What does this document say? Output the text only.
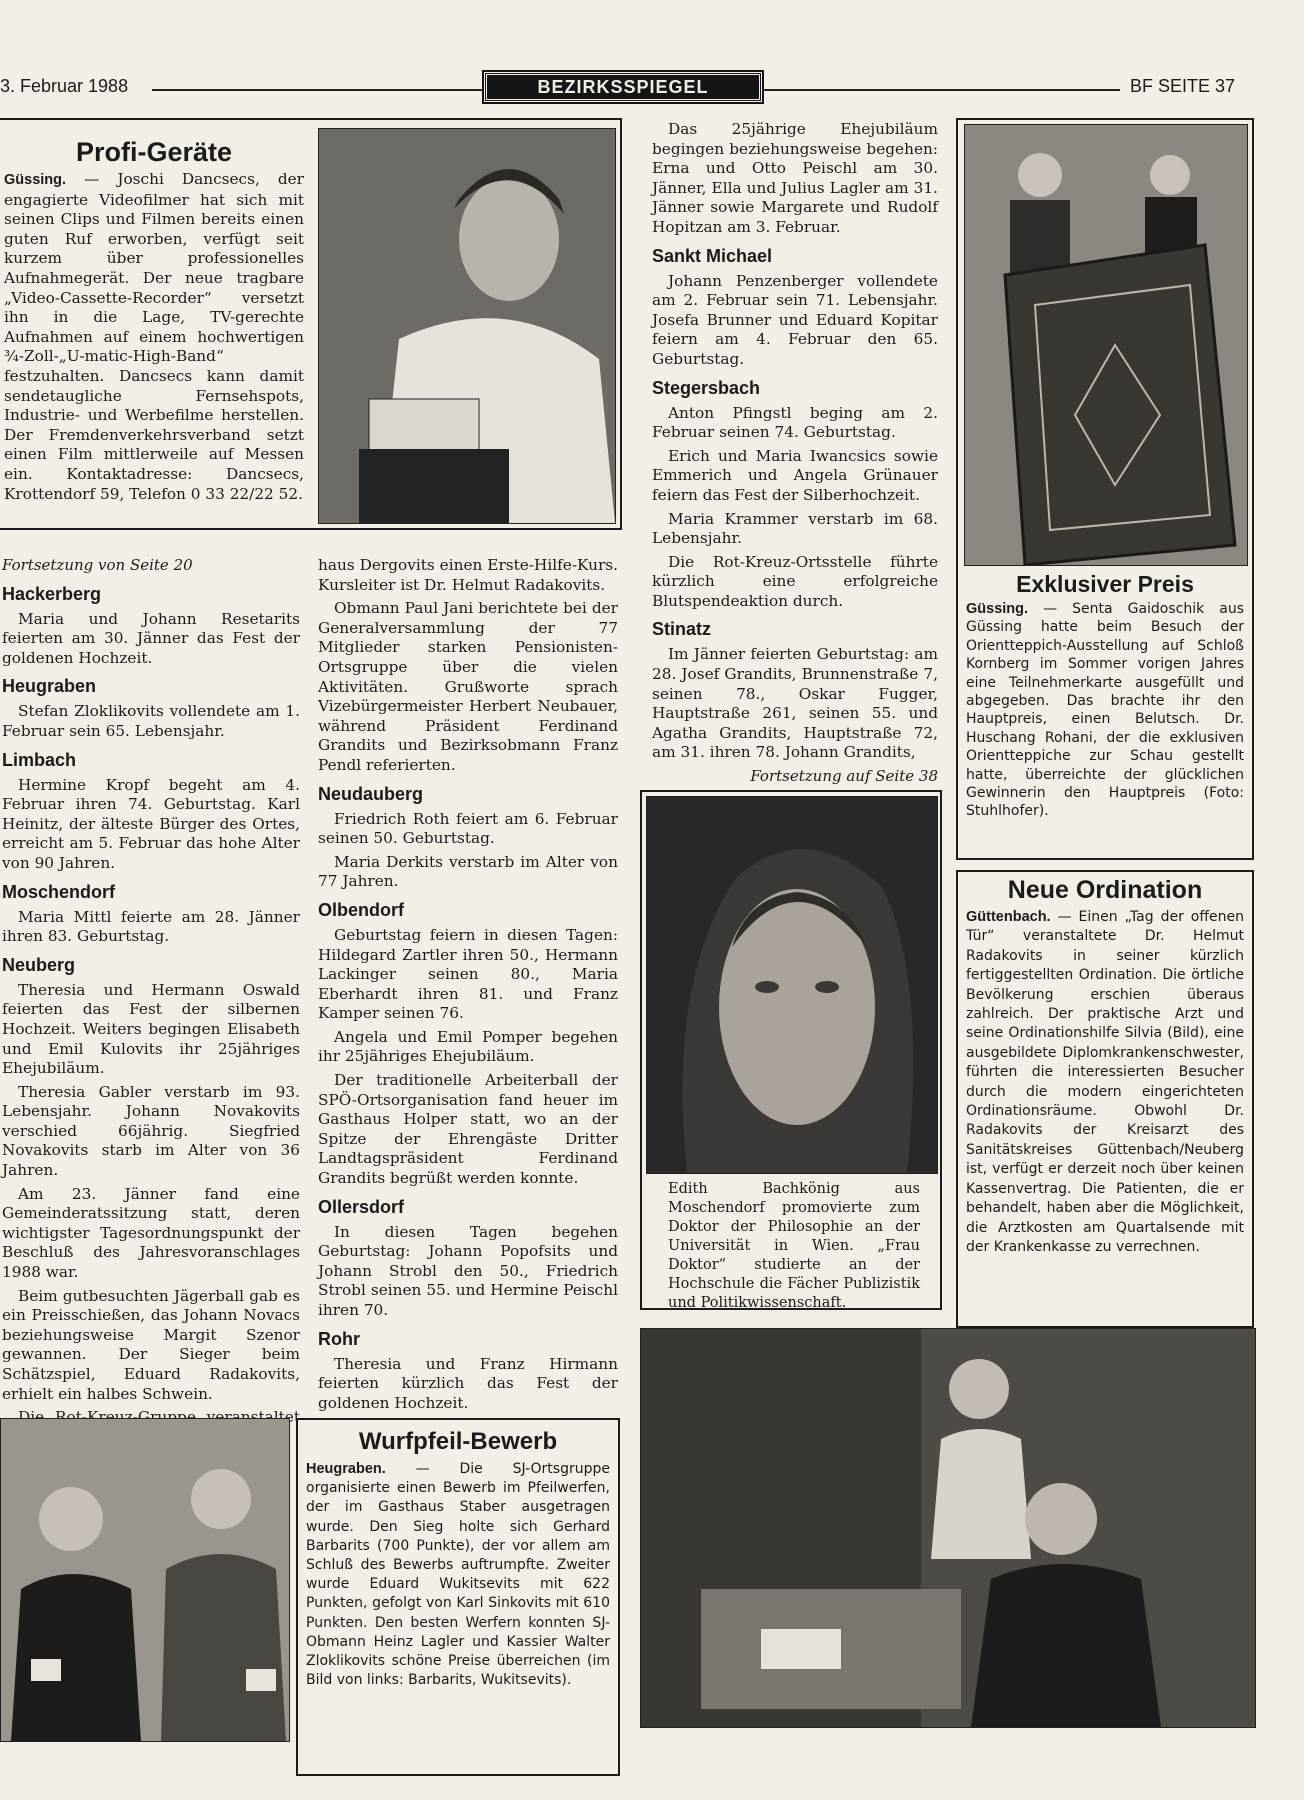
3. Februar 1988	BEZIRKSSPIEGEL	BF SEITE 37
Profi-Geräte
Güssing. — Joschi Dancsecs, der engagierte Videofilmer hat sich mit seinen Clips und Filmen bereits einen guten Ruf erworben, verfügt seit kurzem über professionelles Aufnahmegerät. Der neue tragbare „Video-Cassette-Recorder“ versetzt ihn in die Lage, TV-gerechte Aufnahmen auf einem hochwertigen ¾-Zoll-„U-matic-High-Band“ festzuhalten. Dancsecs kann damit sendetaugliche Fernsehspots, Industrie- und Werbefilme herstellen. Der Fremdenverkehrsverband setzt einen Film mittlerweile auf Messen ein. Kontaktadresse: Dancsecs, Krottendorf 59, Telefon 0 33 22/22 52.

Das 25jährige Ehejubiläum begingen beziehungsweise begehen: Erna und Otto Peischl am 30. Jänner, Ella und Julius Lagler am 31. Jänner sowie Margarete und Rudolf Hopitzan am 3. Februar.

Sankt Michael

Johann Penzenberger vollendete am 2. Februar sein 71. Lebensjahr. Josefa Brunner und Eduard Kopitar feiern am 4. Februar den 65. Geburtstag.

Stegersbach

Anton Pfingstl beging am 2. Februar seinen 74. Geburtstag.

Erich und Maria Iwancsics sowie Emmerich und Angela Grünauer feiern das Fest der Silberhochzeit.

Maria Krammer verstarb im 68. Lebensjahr.

Die Rot-Kreuz-Ortsstelle führte kürzlich eine erfolgreiche Blutspendeaktion durch.

Stinatz

Im Jänner feierten Geburtstag: am 28. Josef Grandits, Brunnenstraße 7, seinen 78., Oskar Fugger, Hauptstraße 261, seinen 55. und Agatha Grandits, Hauptstraße 72, am 31. ihren 78. Johann Grandits,

Fortsetzung auf Seite 38
Exklusiver Preis
Güssing. — Senta Gaidoschik aus Güssing hatte beim Besuch der Orientteppich-Ausstellung auf Schloß Kornberg im Sommer vorigen Jahres eine Teilnehmerkarte ausgefüllt und abgegeben. Das brachte ihr den Hauptpreis, einen Belutsch. Dr. Huschang Rohani, der die exklusiven Orientteppiche zur Schau gestellt hatte, überreichte der glücklichen Gewinnerin den Hauptpreis (Foto: Stuhlhofer).
Fortsetzung von Seite 20
Hackerberg

Maria und Johann Resetarits feierten am 30. Jänner das Fest der goldenen Hochzeit.

Heugraben

Stefan Zloklikovits vollendete am 1. Februar sein 65. Lebensjahr.

Limbach

Hermine Kropf begeht am 4. Februar ihren 74. Geburtstag. Karl Heinitz, der älteste Bürger des Ortes, erreicht am 5. Februar das hohe Alter von 90 Jahren.

Moschendorf

Maria Mittl feierte am 28. Jänner ihren 83. Geburtstag.

Neuberg

Theresia und Hermann Oswald feierten das Fest der silbernen Hochzeit. Weiters begingen Elisabeth und Emil Kulovits ihr 25jähriges Ehejubiläum.

Theresia Gabler verstarb im 93. Lebensjahr. Johann Novakovits verschied 66jährig. Siegfried Novakovits starb im Alter von 36 Jahren.

Am 23. Jänner fand eine Gemeinderatssitzung statt, deren wichtigster Tagesordnungspunkt der Beschluß des Jahresvoranschlages 1988 war.

Beim gutbesuchten Jägerball gab es ein Preisschießen, das Johann Novacs beziehungsweise Margit Szenor gewannen. Der Sieger beim Schätzspiel, Eduard Radakovits, erhielt ein halbes Schwein.

haus Dergovits einen Erste-Hilfe-Kurs. Kursleiter ist Dr. Helmut Radakovits.

Obmann Paul Jani berichtete bei der Generalversammlung der 77 Mitglieder starken Pensionisten-Ortsgruppe über die vielen Aktivitäten. Grußworte sprach Vizebürgermeister Herbert Neubauer, während Präsident Ferdinand Grandits und Bezirksobmann Franz Pendl referierten.

Neudauberg

Friedrich Roth feiert am 6. Februar seinen 50. Geburtstag.

Maria Derkits verstarb im Alter von 77 Jahren.

Olbendorf

Geburtstag feiern in diesen Tagen: Hildegard Zartler ihren 50., Hermann Lackinger seinen 80., Maria Eberhardt ihren 81. und Franz Kamper seinen 76.

Angela und Emil Pomper begehen ihr 25jähriges Ehejubiläum.

Der traditionelle Arbeiterball der SPÖ-Ortsorganisation fand heuer im Gasthaus Holper statt, wo an der Spitze der Ehrengäste Dritter Landtagspräsident Ferdinand Grandits begrüßt werden konnte.

Ollersdorf

In diesen Tagen begehen Geburtstag: Johann Popofsits und Johann Strobl den 50., Friedrich Strobl seinen 55. und Hermine Peischl ihren 70.

Rohr

Theresia und Franz Hirmann feierten kürzlich das Fest der goldenen Hochzeit.

Edith Bachkönig aus Moschendorf promovierte zum Doktor der Philosophie an der Universität in Wien. „Frau Doktor“ studierte an der Hochschule die Fächer Publizistik und Politikwissenschaft.
Neue Ordination
Güttenbach. — Einen „Tag der offenen Tür“ veranstaltete Dr. Helmut Radakovits in seiner kürzlich fertiggestellten Ordination. Die örtliche Bevölkerung erschien überaus zahlreich. Der praktische Arzt und seine Ordinationshilfe Silvia (Bild), eine ausgebildete Diplomkrankenschwester, führten die interessierten Besucher durch die modern eingerichteten Ordinationsräume. Obwohl Dr. Radakovits der Kreisarzt des Sanitätskreises Güttenbach/Neuberg ist, verfügt er derzeit noch über keinen Kassenvertrag. Die Patienten, die er behandelt, haben aber die Möglichkeit, die Arztkosten am Quartalsende mit der Krankenkasse zu verrechnen.
Wurfpfeil-Bewerb
Heugraben. — Die SJ-Ortsgruppe organisierte einen Bewerb im Pfeilwerfen, der im Gasthaus Staber ausgetragen wurde. Den Sieg holte sich Gerhard Barbarits (700 Punkte), der vor allem am Schluß des Bewerbs auftrumpfte. Zweiter wurde Eduard Wukitsevits mit 622 Punkten, gefolgt von Karl Sinkovits mit 610 Punkten. Den besten Werfern konnten SJ-Obmann Heinz Lagler und Kassier Walter Zloklikovits schöne Preise überreichen (im Bild von links: Barbarits, Wukitsevits).
